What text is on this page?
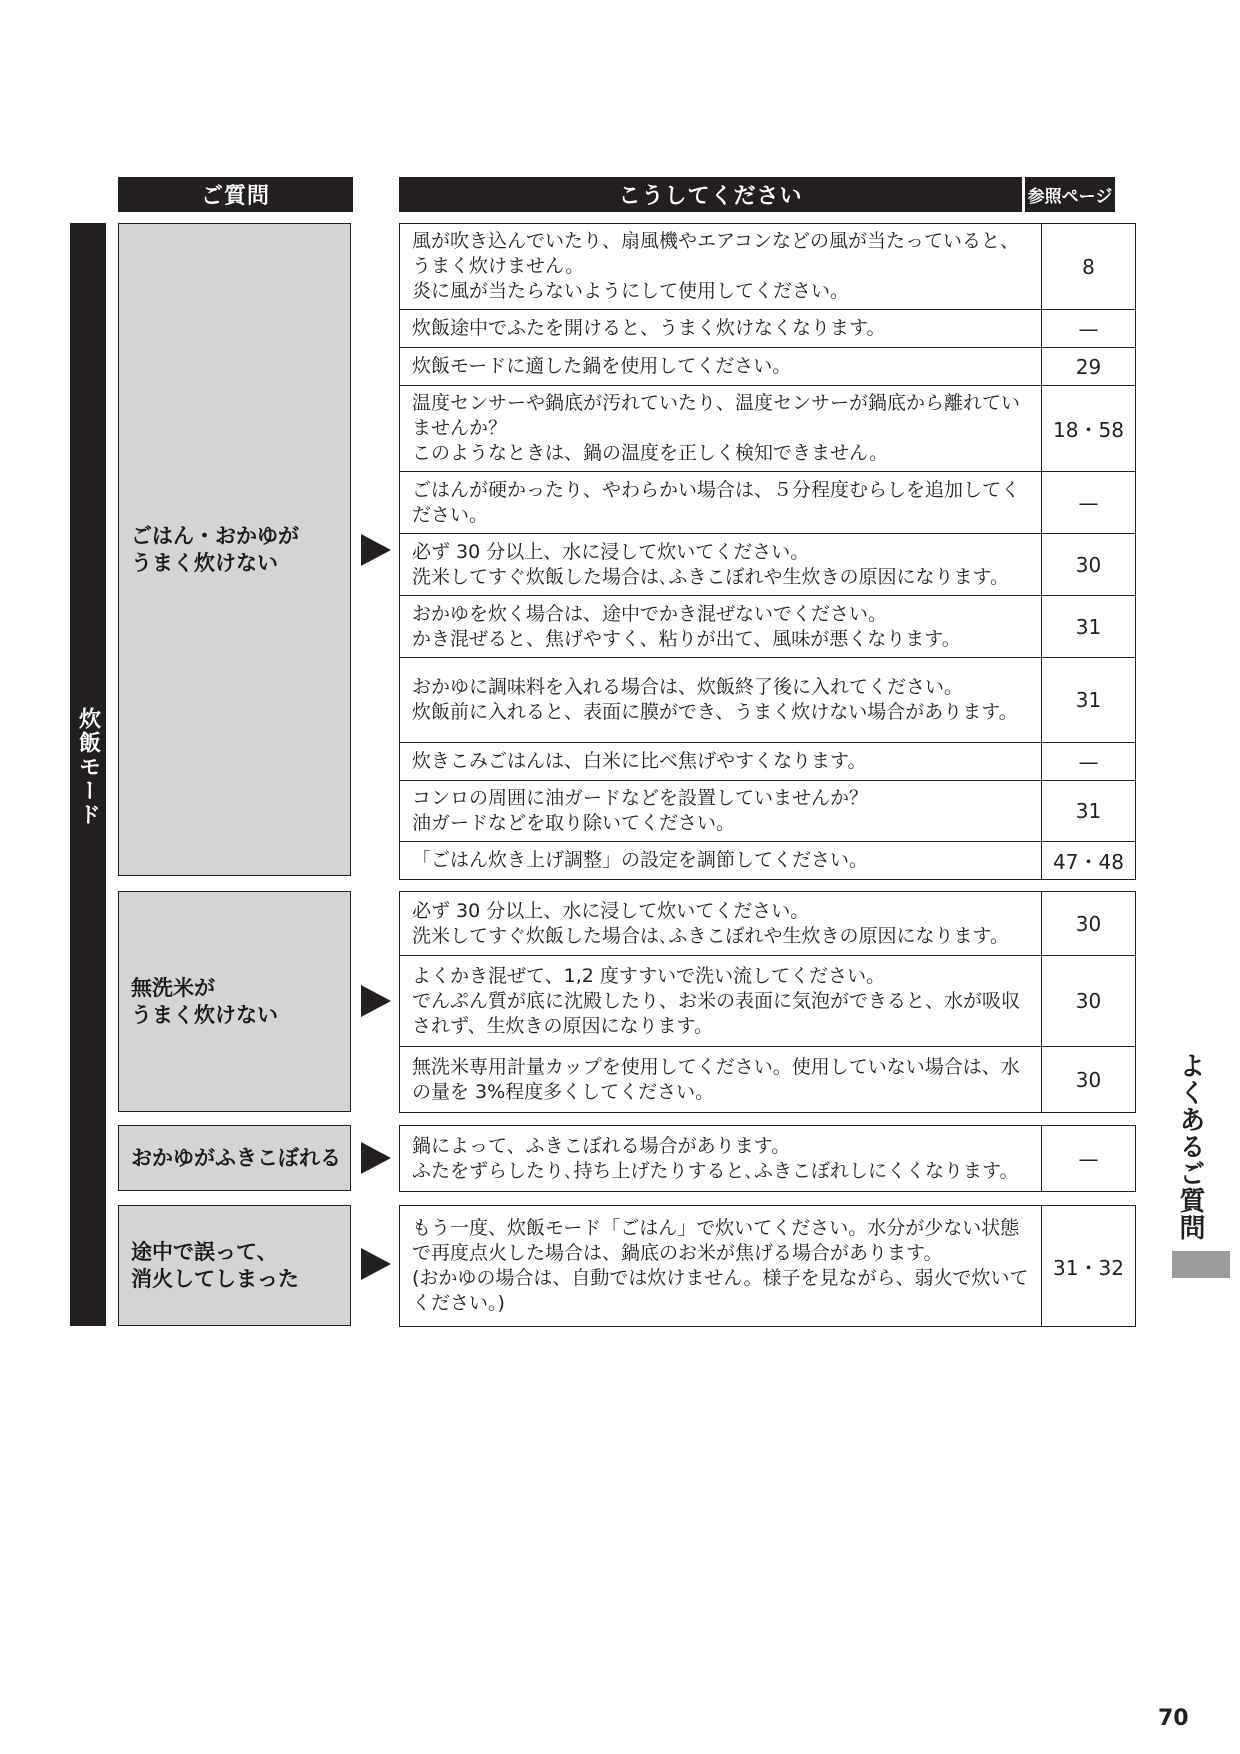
ご質問	こうしてください	参照ページ
炊飯モード
ごはん・おかゆが
うまく炊けない
風が吹き込んでいたり、扇風機やエアコンなどの風が当たっていると、うまく炊けません。
炎に風が当たらないようにして使用してください。	8
炊飯途中でふたを開けると、うまく炊けなくなります。	—
炊飯モードに適した鍋を使用してください。	29
温度センサーや鍋底が汚れていたり、温度センサーが鍋底から離れていませんか？
このようなときは、鍋の温度を正しく検知できません。	18・58
ごはんが硬かったり、やわらかい場合は、５分程度むらしを追加してください。	—
必ず 30 分以上、水に浸して炊いてください。
洗米してすぐ炊飯した場合は､ふきこぼれや生炊きの原因になります。	30
おかゆを炊く場合は、途中でかき混ぜないでください。
かき混ぜると、焦げやすく、粘りが出て、風味が悪くなります。	31
おかゆに調味料を入れる場合は、炊飯終了後に入れてください。
炊飯前に入れると、表面に膜ができ、うまく炊けない場合があります。	31
炊きこみごはんは、白米に比べ焦げやすくなります。	—
コンロの周囲に油ガードなどを設置していませんか？
油ガードなどを取り除いてください。	31
「ごはん炊き上げ調整」の設定を調節してください。	47・48
無洗米が
うまく炊けない
必ず 30 分以上、水に浸して炊いてください。
洗米してすぐ炊飯した場合は､ふきこぼれや生炊きの原因になります。	30
よくかき混ぜて、1,2 度すすいで洗い流してください。
でんぷん質が底に沈殿したり、お米の表面に気泡ができると、水が吸収されず、生炊きの原因になります。	30
無洗米専用計量カップを使用してください。使用していない場合は、水の量を 3%程度多くしてください。	30
おかゆがふきこぼれる	鍋によって、ふきこぼれる場合があります。
ふたをずらしたり､持ち上げたりすると､ふきこぼれしにくくなります。	—
途中で誤って、
消火してしまった
もう一度、炊飯モード「ごはん」で炊いてください。水分が少ない状態で再度点火した場合は、鍋底のお米が焦げる場合があります。
(おかゆの場合は、自動では炊けません。様子を見ながら、弱火で炊いてください。)	31・32
よくあるご質問
70
